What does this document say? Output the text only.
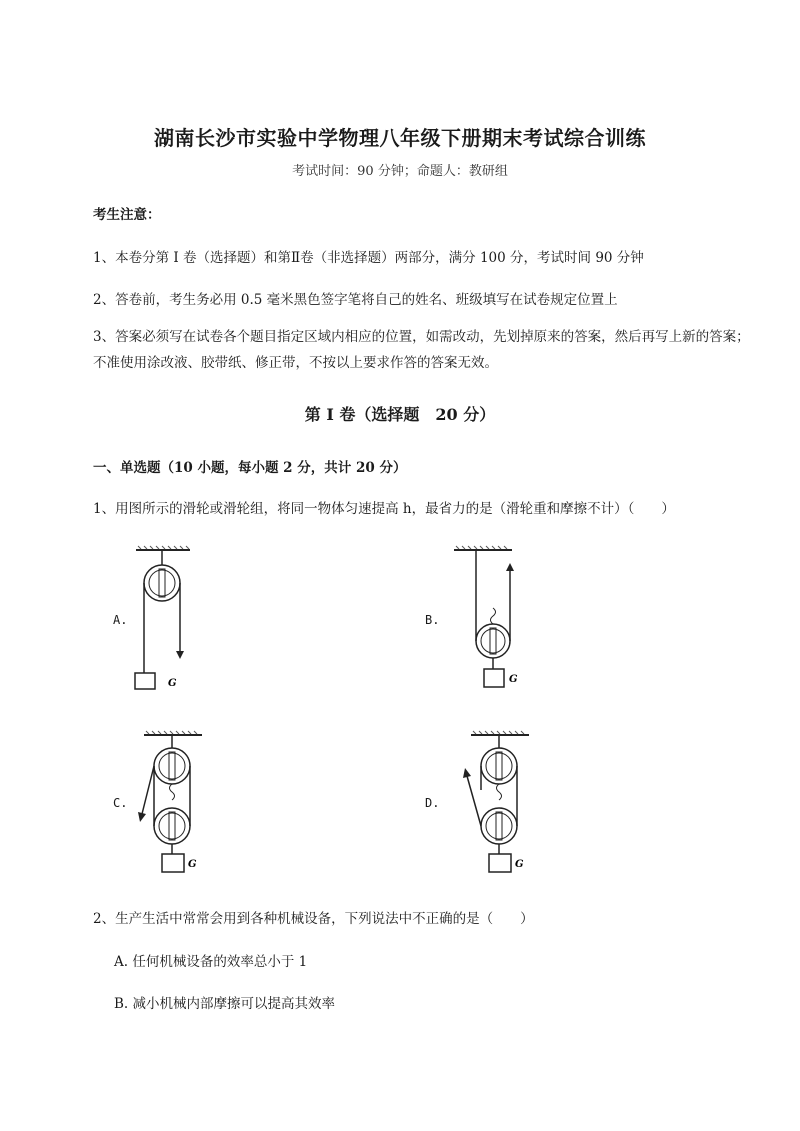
湖南长沙市实验中学物理八年级下册期末考试综合训练
考试时间：90 分钟；命题人：教研组
考生注意：
1、本卷分第 I 卷（选择题）和第Ⅱ卷（非选择题）两部分，满分 100 分，考试时间 90 分钟
2、答卷前，考生务必用 0.5 毫米黑色签字笔将自己的姓名、班级填写在试卷规定位置上
3、答案必须写在试卷各个题目指定区域内相应的位置，如需改动，先划掉原来的答案，然后再写上新的答案；不准使用涂改液、胶带纸、修正带，不按以上要求作答的答案无效。
第 I 卷（选择题　20 分）
一、单选题（10 小题，每小题 2 分，共计 20 分）
1、用图所示的滑轮或滑轮组，将同一物体匀速提高 h，最省力的是（滑轮重和摩擦不计）（　　）
A.
G
B.
G
C.
G
D.
G
2、生产生活中常常会用到各种机械设备，下列说法中不正确的是（　　）
A. 任何机械设备的效率总小于 1
B. 减小机械内部摩擦可以提高其效率
